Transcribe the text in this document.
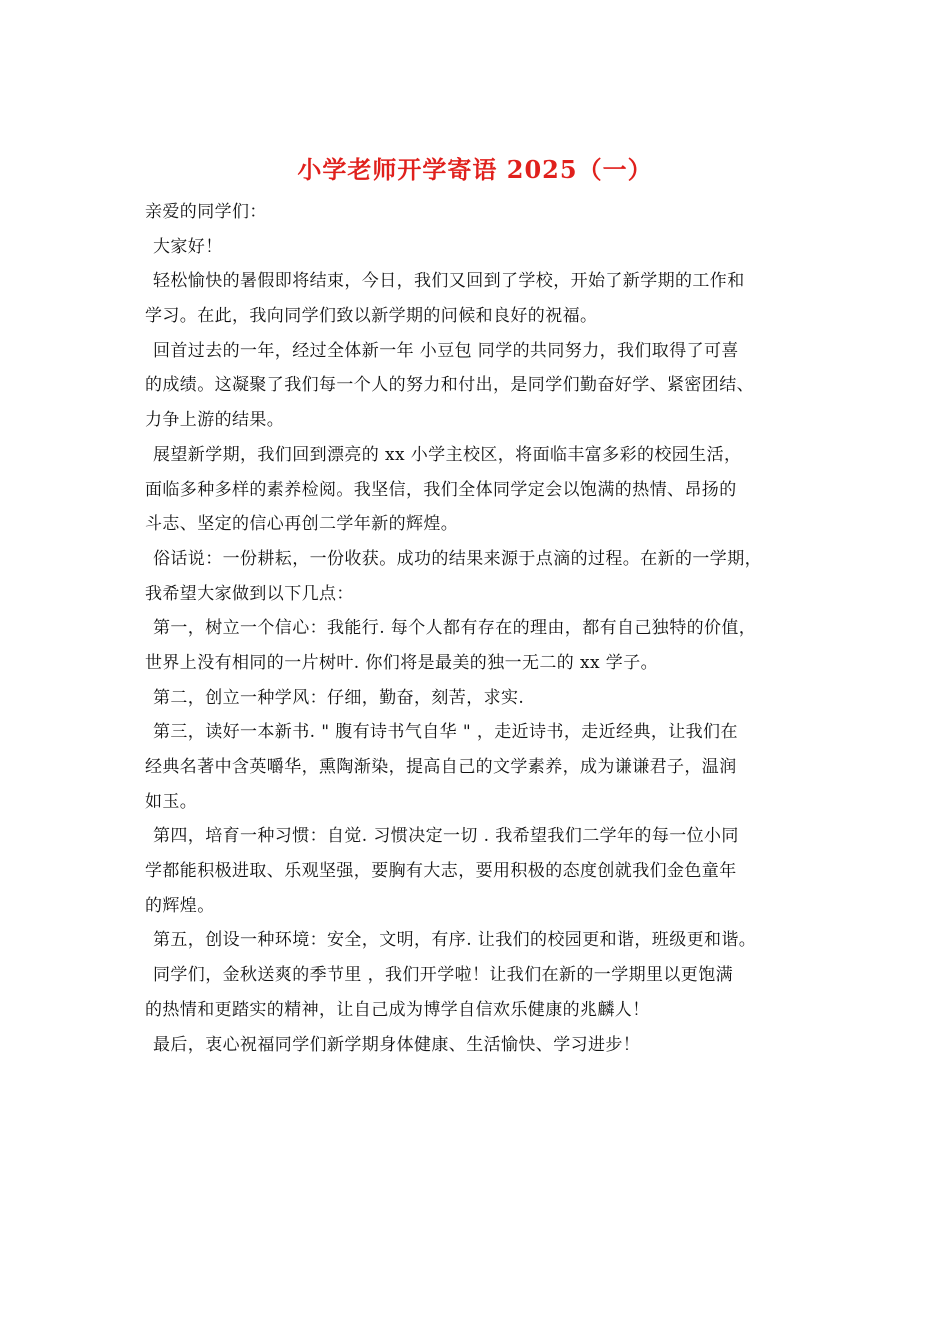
小学老师开学寄语 2025（一）
亲爱的同学们：
大家好！
轻松愉快的暑假即将结束，今日，我们又回到了学校，开始了新学期的工作和
学习。在此，我向同学们致以新学期的问候和良好的祝福。
回首过去的一年，经过全体新一年 小豆包 同学的共同努力，我们取得了可喜
的成绩。这凝聚了我们每一个人的努力和付出，是同学们勤奋好学、紧密团结、
力争上游的结果。
展望新学期，我们回到漂亮的 xx 小学主校区，将面临丰富多彩的校园生活，
面临多种多样的素养检阅。我坚信，我们全体同学定会以饱满的热情、昂扬的
斗志、坚定的信心再创二学年新的辉煌。
俗话说：一份耕耘，一份收获。成功的结果来源于点滴的过程。在新的一学期，
我希望大家做到以下几点：
第一，树立一个信心：我能行. 每个人都有存在的理由，都有自己独特的价值，
世界上没有相同的一片树叶. 你们将是最美的独一无二的 xx 学子。
第二，创立一种学风：仔细，勤奋，刻苦，求实.
第三，读好一本新书. " 腹有诗书气自华 " ，走近诗书，走近经典，让我们在
经典名著中含英嚼华，熏陶渐染，提高自己的文学素养，成为谦谦君子，温润
如玉。
第四，培育一种习惯：自觉. 习惯决定一切 . 我希望我们二学年的每一位小同
学都能积极进取、乐观坚强，要胸有大志，要用积极的态度创就我们金色童年
的辉煌。
第五，创设一种环境：安全，文明，有序. 让我们的校园更和谐，班级更和谐。
同学们，金秋送爽的季节里 ，我们开学啦！让我们在新的一学期里以更饱满
的热情和更踏实的精神，让自己成为博学自信欢乐健康的兆麟人！
最后，衷心祝福同学们新学期身体健康、生活愉快、学习进步！
